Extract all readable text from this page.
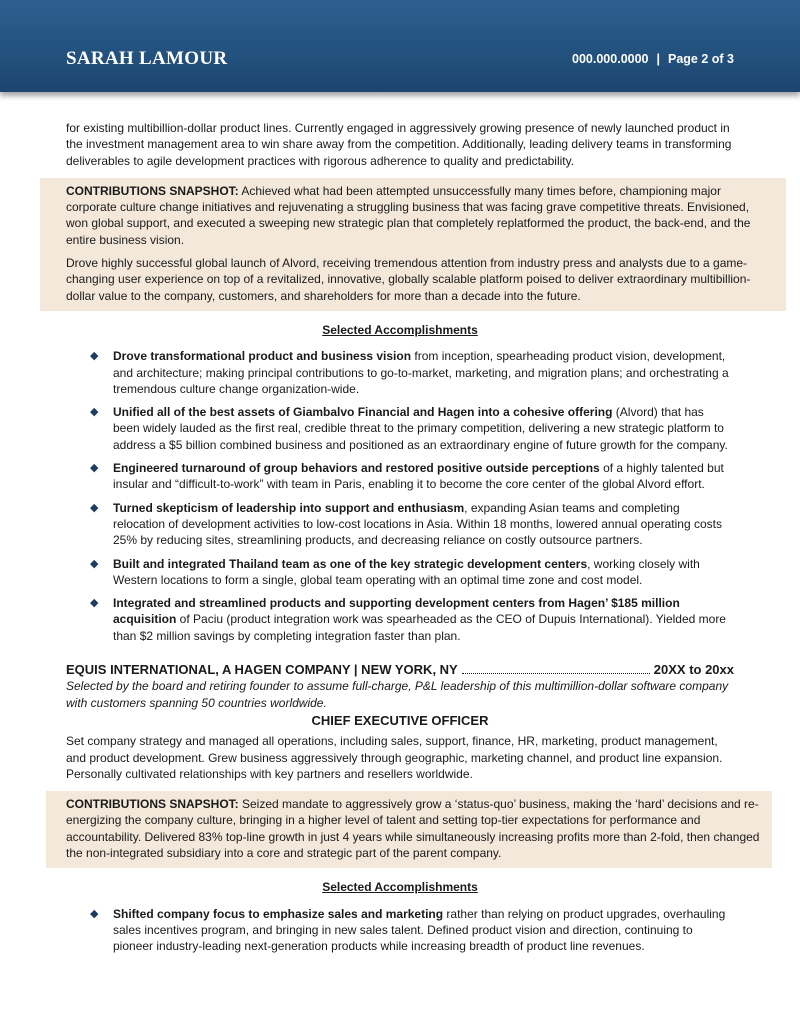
SARAH LAMOUR	000.000.0000 | Page 2 of 3

for existing multibillion-dollar product lines. Currently engaged in aggressively growing presence of newly launched product in the investment management area to win share away from the competition. Additionally, leading delivery teams in transforming deliverables to agile development practices with rigorous adherence to quality and predictability.

CONTRIBUTIONS SNAPSHOT: Achieved what had been attempted unsuccessfully many times before, championing major corporate culture change initiatives and rejuvenating a struggling business that was facing grave competitive threats. Envisioned, won global support, and executed a sweeping new strategic plan that completely replatformed the product, the back-end, and the entire business vision.

Drove highly successful global launch of Alvord, receiving tremendous attention from industry press and analysts due to a game-changing user experience on top of a revitalized, innovative, globally scalable platform poised to deliver extraordinary multibillion-dollar value to the company, customers, and shareholders for more than a decade into the future.

Selected Accomplishments
◆ Drove transformational product and business vision from inception, spearheading product vision, development, and architecture; making principal contributions to go-to-market, marketing, and migration plans; and orchestrating a tremendous culture change organization-wide.
◆ Unified all of the best assets of Giambalvo Financial and Hagen into a cohesive offering (Alvord) that has been widely lauded as the first real, credible threat to the primary competition, delivering a new strategic platform to address a $5 billion combined business and positioned as an extraordinary engine of future growth for the company.
◆ Engineered turnaround of group behaviors and restored positive outside perceptions of a highly talented but insular and “difficult-to-work” with team in Paris, enabling it to become the core center of the global Alvord effort.
◆ Turned skepticism of leadership into support and enthusiasm, expanding Asian teams and completing relocation of development activities to low-cost locations in Asia. Within 18 months, lowered annual operating costs 25% by reducing sites, streamlining products, and decreasing reliance on costly outsource partners.
◆ Built and integrated Thailand team as one of the key strategic development centers, working closely with Western locations to form a single, global team operating with an optimal time zone and cost model.
◆ Integrated and streamlined products and supporting development centers from Hagen’ $185 million acquisition of Paciu (product integration work was spearheaded as the CEO of Dupuis International). Yielded more than $2 million savings by completing integration faster than plan.
EQUIS INTERNATIONAL, A HAGEN COMPANY | NEW YORK, NY	20XX to 20xx

Selected by the board and retiring founder to assume full-charge, P&L leadership of this multimillion-dollar software company with customers spanning 50 countries worldwide.

CHIEF EXECUTIVE OFFICER

Set company strategy and managed all operations, including sales, support, finance, HR, marketing, product management, and product development. Grew business aggressively through geographic, marketing channel, and product line expansion. Personally cultivated relationships with key partners and resellers worldwide.

CONTRIBUTIONS SNAPSHOT: Seized mandate to aggressively grow a ‘status-quo’ business, making the ‘hard’ decisions and re-energizing the company culture, bringing in a higher level of talent and setting top-tier expectations for performance and accountability. Delivered 83% top-line growth in just 4 years while simultaneously increasing profits more than 2-fold, then changed the non-integrated subsidiary into a core and strategic part of the parent company.

Selected Accomplishments
◆ Shifted company focus to emphasize sales and marketing rather than relying on product upgrades, overhauling sales incentives program, and bringing in new sales talent. Defined product vision and direction, continuing to pioneer industry-leading next-generation products while increasing breadth of product line revenues.
